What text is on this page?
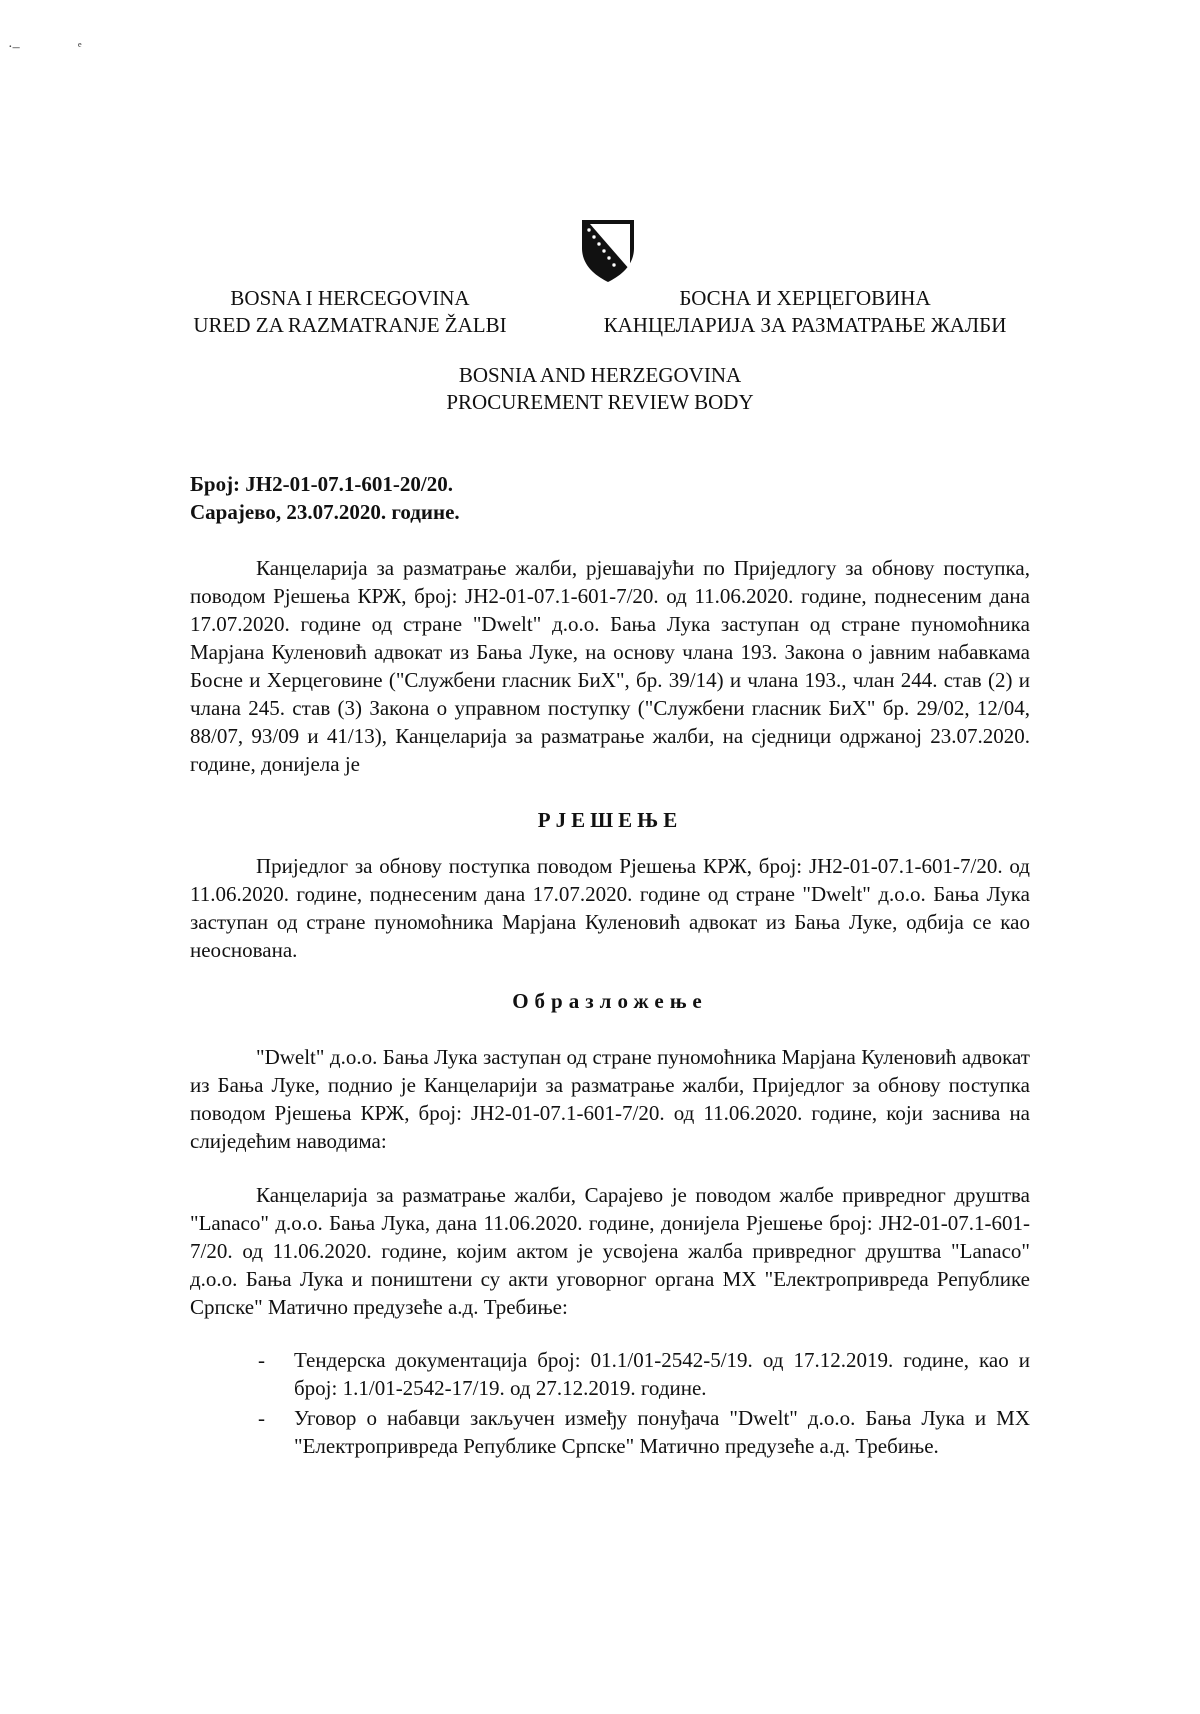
·–	ᵉ
BOSNA I HERCEGOVINA
URED ZA RAZMATRANJE ŽALBI
БОСНА И ХЕРЦЕГОВИНА
КАНЦЕЛАРИЈА ЗА РАЗМАТРАЊЕ ЖАЛБИ
BOSNIA AND HERZEGOVINA
PROCUREMENT REVIEW BODY
Број: ЈН2-01-07.1-601-20/20.
Сарајево, 23.07.2020. године.

Канцеларија за разматрање жалби, рјешавајући по Приједлогу за обнову поступка, поводом Рјешења КРЖ, број: ЈН2-01-07.1-601-7/20. од 11.06.2020. године, поднесеним дана 17.07.2020. године од стране "Dwelt" д.о.о. Бања Лука заступан од стране пуномоћника Марјана Куленовић адвокат из Бања Луке, на основу члана 193. Закона о јавним набавкама Босне и Херцеговине ("Службени гласник БиХ", бр. 39/14) и члана 193., члан 244. став (2) и члана 245. став (3) Закона о управном поступку ("Службени гласник БиХ" бр. 29/02, 12/04, 88/07, 93/09 и 41/13), Канцеларија за разматрање жалби, на сједници одржаној 23.07.2020. године, донијела је

РЈЕШЕЊЕ

Приједлог за обнову поступка поводом Рјешења КРЖ, број: ЈН2-01-07.1-601-7/20. од 11.06.2020. године, поднесеним дана 17.07.2020. године од стране "Dwelt" д.о.о. Бања Лука заступан од стране пуномоћника Марјана Куленовић адвокат из Бања Луке, одбија се као неоснована.

Образложење

"Dwelt" д.о.о. Бања Лука заступан од стране пуномоћника Марјана Куленовић адвокат из Бања Луке, поднио је Канцеларији за разматрање жалби, Приједлог за обнову поступка поводом Рјешења КРЖ, број: ЈН2-01-07.1-601-7/20. од 11.06.2020. године, који заснива на слиједећим наводима:

Канцеларија за разматрање жалби, Сарајево је поводом жалбе привредног друштва "Lanaco" д.о.о. Бања Лука, дана 11.06.2020. године, донијела Рјешење број: ЈН2-01-07.1-601-7/20. од 11.06.2020. године, којим актом је усвојена жалба привредног друштва "Lanaco" д.о.о. Бања Лука и поништени су акти уговорног органа МХ "Електропривреда Републике Српске" Матично предузеће а.д. Требиње:

- Тендерска документација број: 01.1/01-2542-5/19. од 17.12.2019. године, као и број: 1.1/01-2542-17/19. од 27.12.2019. године.
- Уговор о набавци закључен између понуђача "Dwelt" д.о.о. Бања Лука и МХ "Електропривреда Републике Српске" Матично предузеће а.д. Требиње.
